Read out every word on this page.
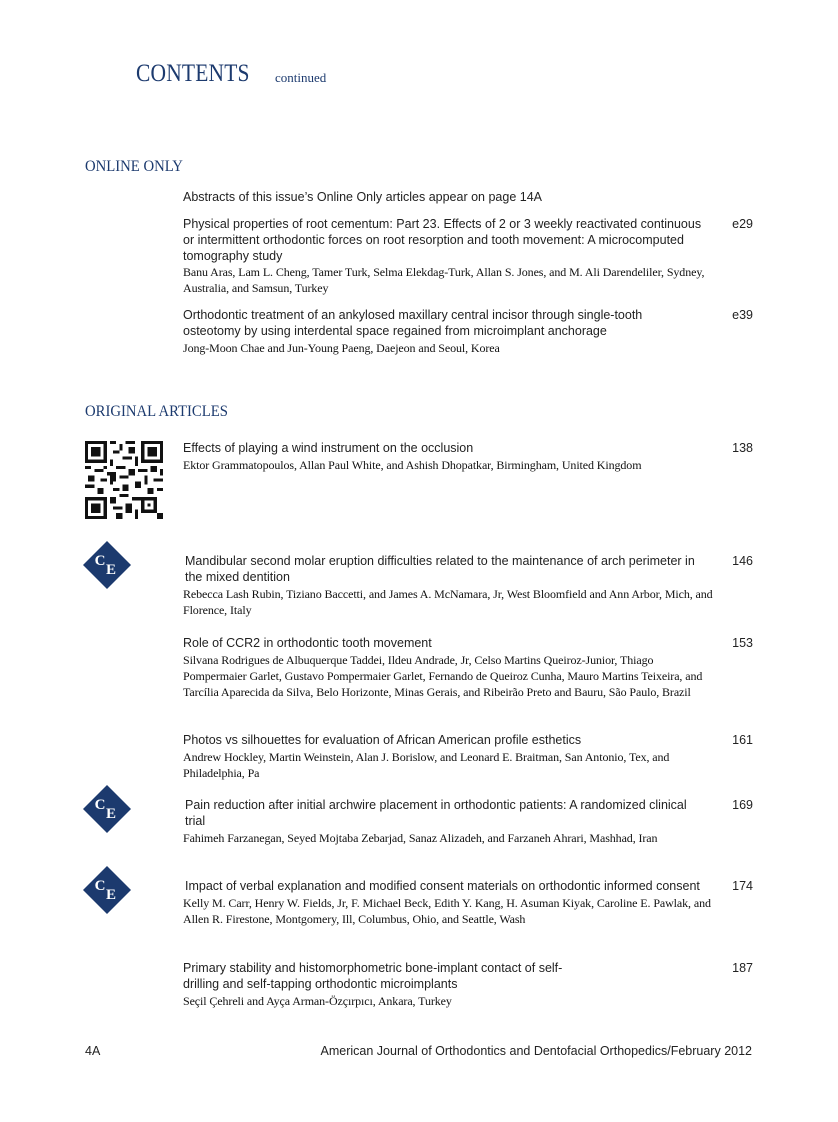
CONTENTS continued
ONLINE ONLY
Abstracts of this issue’s Online Only articles appear on page 14A
Physical properties of root cementum: Part 23. Effects of 2 or 3 weekly reactivated continuous or intermittent orthodontic forces on root resorption and tooth movement: A microcomputed tomography study
Banu Aras, Lam L. Cheng, Tamer Turk, Selma Elekdag-Turk, Allan S. Jones, and M. Ali Darendeliler, Sydney, Australia, and Samsun, Turkey
e29
Orthodontic treatment of an ankylosed maxillary central incisor through single-tooth osteotomy by using interdental space regained from microimplant anchorage
Jong-Moon Chae and Jun-Young Paeng, Daejeon and Seoul, Korea
e39
ORIGINAL ARTICLES
Effects of playing a wind instrument on the occlusion
Ektor Grammatopoulos, Allan Paul White, and Ashish Dhopatkar, Birmingham, United Kingdom
138
C
E
Mandibular second molar eruption difficulties related to the maintenance of arch perimeter in the mixed dentition
Rebecca Lash Rubin, Tiziano Baccetti, and James A. McNamara, Jr, West Bloomfield and Ann Arbor, Mich, and Florence, Italy
146
Role of CCR2 in orthodontic tooth movement
Silvana Rodrigues de Albuquerque Taddei, Ildeu Andrade, Jr, Celso Martins Queiroz-Junior, Thiago Pompermaier Garlet, Gustavo Pompermaier Garlet, Fernando de Queiroz Cunha, Mauro Martins Teixeira, and Tarcília Aparecida da Silva, Belo Horizonte, Minas Gerais, and Ribeirão Preto and Bauru, São Paulo, Brazil
153
Photos vs silhouettes for evaluation of African American profile esthetics
Andrew Hockley, Martin Weinstein, Alan J. Borislow, and Leonard E. Braitman, San Antonio, Tex, and Philadelphia, Pa
161
C
E
Pain reduction after initial archwire placement in orthodontic patients: A randomized clinical trial
Fahimeh Farzanegan, Seyed Mojtaba Zebarjad, Sanaz Alizadeh, and Farzaneh Ahrari, Mashhad, Iran
169
C
E
Impact of verbal explanation and modified consent materials on orthodontic informed consent
Kelly M. Carr, Henry W. Fields, Jr, F. Michael Beck, Edith Y. Kang, H. Asuman Kiyak, Caroline E. Pawlak, and Allen R. Firestone, Montgomery, Ill, Columbus, Ohio, and Seattle, Wash
174
Primary stability and histomorphometric bone-implant contact of self-drilling and self-tapping orthodontic microimplants
Seçil Çehreli and Ayça Arman-Özçırpıcı, Ankara, Turkey
187
4A	American Journal of Orthodontics and Dentofacial Orthopedics/February 2012
